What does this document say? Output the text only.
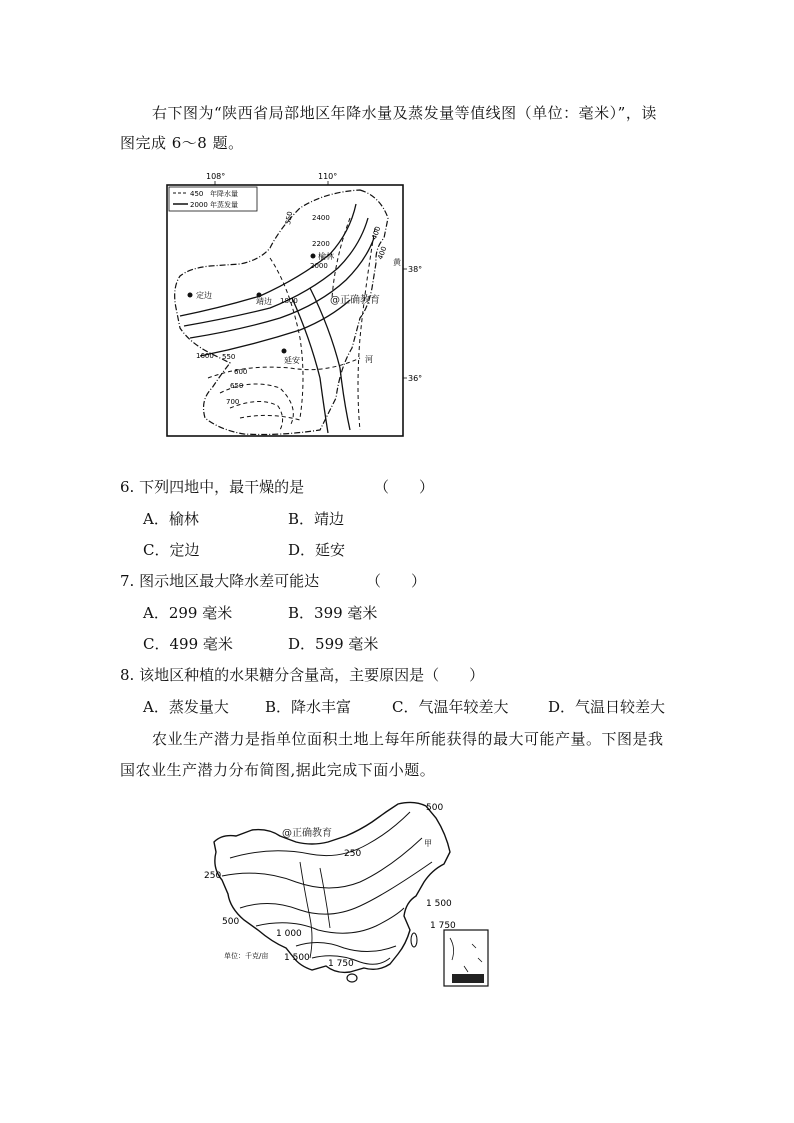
右下图为“陕西省局部地区年降水量及蒸发量等值线图（单位：毫米）”，读
图完成 6～8 题。
108°	110°
38°
36°
450 年降水量
2000 年蒸发量
榆林
定边
靖边
延安
黄
河
2400
2200
2000
1800
1600
350
400
400
550
600
650
700
@正确教育
6. 下列四地中，最干燥的是	（　　）
A．榆林	B．靖边
C．定边	D．延安
7. 图示地区最大降水差可能达	（　　）
A．299 毫米	B．399 毫米
C．499 毫米	D．599 毫米
8. 该地区种植的水果糖分含量高，主要原因是（　　）
A．蒸发量大 B．降水丰富	C．气温年较差大	D．气温日较差大
农业生产潜力是指单位面积土地上每年所能获得的最大可能产量。下图是我
国农业生产潜力分布简图,据此完成下面小题。
500
250
250
500
1 000
1 500
1 500
1 750
1 750
甲
单位：千克/亩
@正确教育
